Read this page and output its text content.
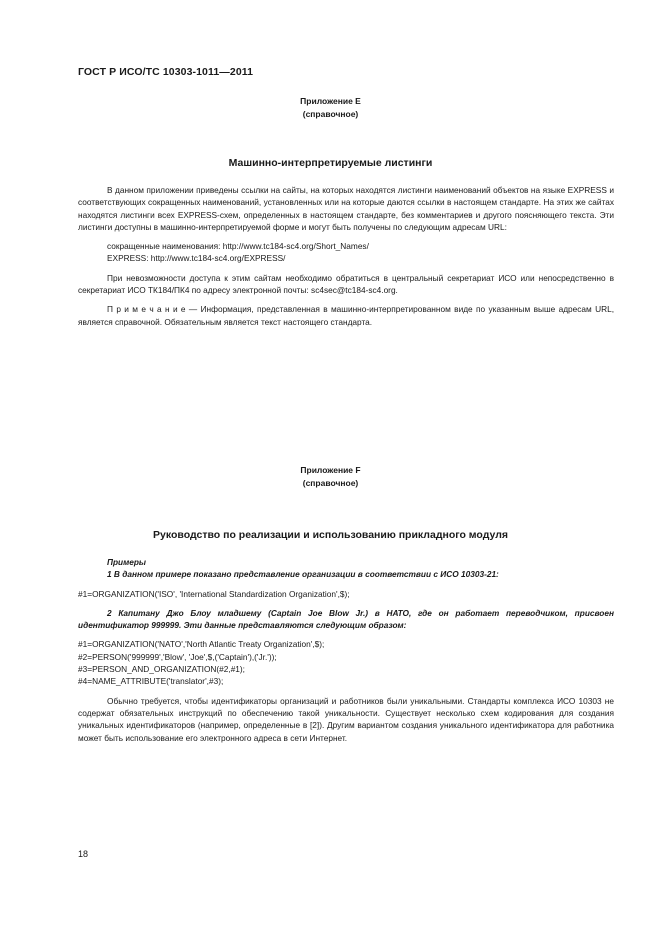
ГОСТ Р ИСО/ТС 10303-1011—2011
Приложение E
(справочное)
Машинно-интерпретируемые листинги

В данном приложении приведены ссылки на сайты, на которых находятся листинги наименований объектов на языке EXPRESS и соответствующих сокращенных наименований, установленных или на которые даются ссылки в настоящем стандарте. На этих же сайтах находятся листинги всех EXPRESS-схем, определенных в настоящем стандарте, без комментариев и другого поясняющего текста. Эти листинги доступны в машинно-интерпретируемой форме и могут быть получены по следующим адресам URL:

сокращенные наименования: http://www.tc184-sc4.org/Short_Names/

EXPRESS: http://www.tc184-sc4.org/EXPRESS/

При невозможности доступа к этим сайтам необходимо обратиться в центральный секретариат ИСО или непосредственно в секретариат ИСО ТК184/ПК4 по адресу электронной почты: sc4sec@tc184-sc4.org.

П р и м е ч а н и е — Информация, представленная в машинно-интерпретированном виде по указанным выше адресам URL, является справочной. Обязательным является текст настоящего стандарта.

Приложение F
(справочное)
Руководство по реализации и использованию прикладного модуля

Примеры

1 В данном примере показано представление организации в соответствии с ИСО 10303-21:

#1=ORGANIZATION('ISO', 'International Standardization Organization',$);

2 Капитану Джо Блоу младшему (Captain Joe Blow Jr.) в НАТО, где он работает переводчиком, присвоен идентификатор 999999. Эти данные представляются следующим образом:

#1=ORGANIZATION('NATO','North Atlantic Treaty Organization',$);

#2=PERSON('999999','Blow', 'Joe',$,('Captain'),('Jr.'));

#3=PERSON_AND_ORGANIZATION(#2,#1);

#4=NAME_ATTRIBUTE('translator',#3);

Обычно требуется, чтобы идентификаторы организаций и работников были уникальными. Стандарты комплекса ИСО 10303 не содержат обязательных инструкций по обеспечению такой уникальности. Существует несколько схем кодирования для создания уникальных идентификаторов (например, определенные в [2]). Другим вариантом создания уникального идентификатора для работника может быть использование его электронного адреса в сети Интернет.

18
